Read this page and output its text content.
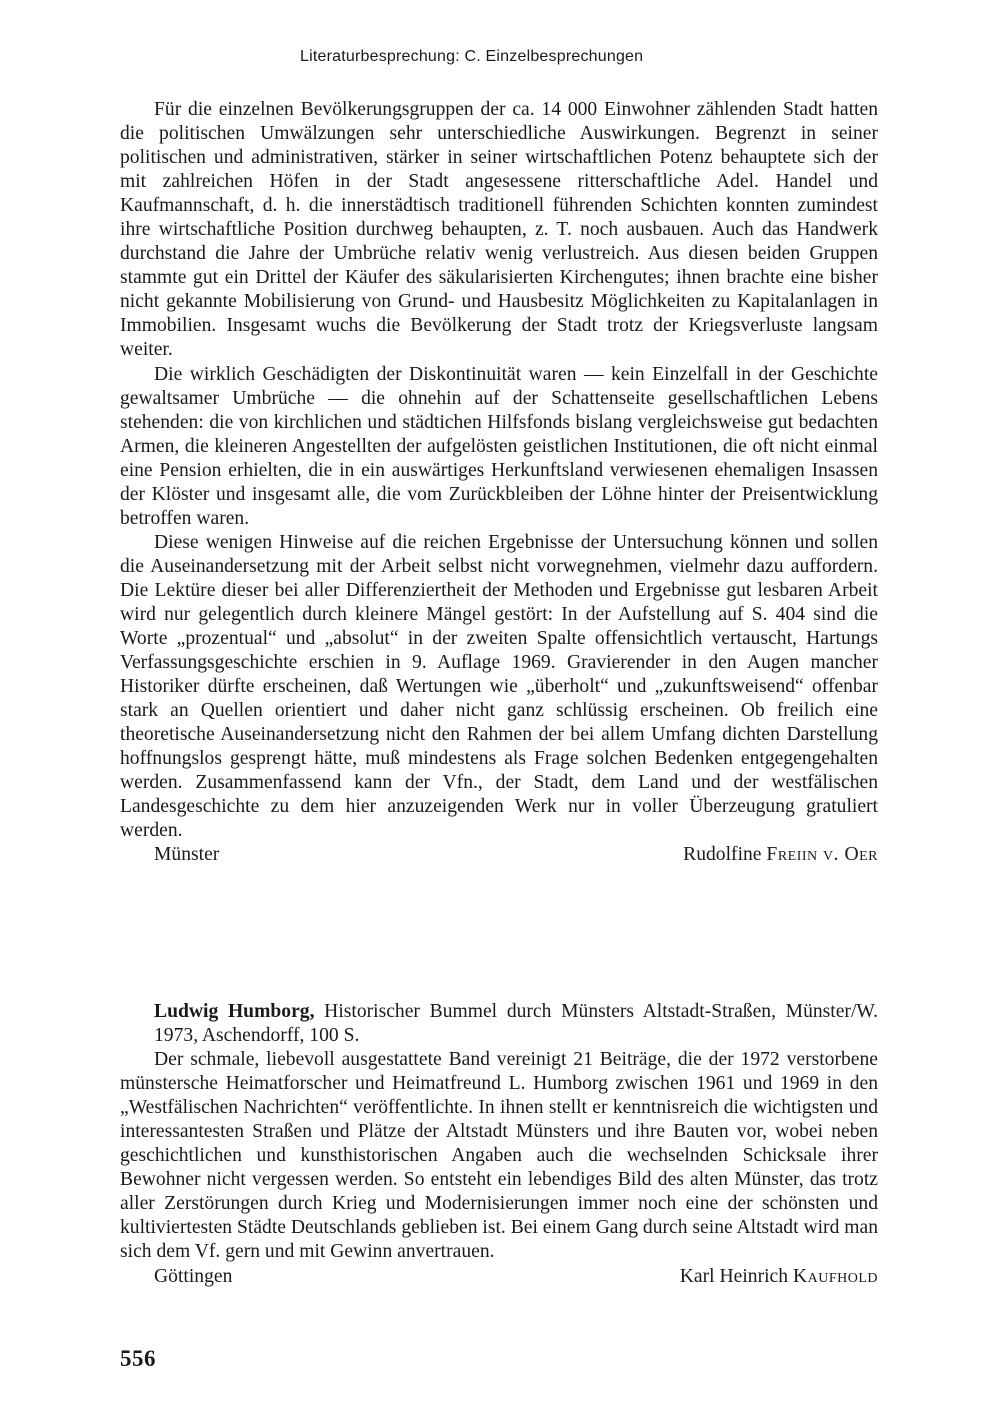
Literaturbesprechung: C. Einzelbesprechungen

Für die einzelnen Bevölkerungsgruppen der ca. 14 000 Einwohner zählenden Stadt hatten die politischen Umwälzungen sehr unterschiedliche Auswirkungen. Begrenzt in seiner politischen und administrativen, stärker in seiner wirtschaftlichen Potenz behauptete sich der mit zahlreichen Höfen in der Stadt angesessene ritterschaftliche Adel. Handel und Kaufmannschaft, d. h. die innerstädtisch traditionell führenden Schichten konnten zumindest ihre wirtschaftliche Position durchweg behaupten, z. T. noch ausbauen. Auch das Handwerk durchstand die Jahre der Umbrüche relativ wenig verlustreich. Aus diesen beiden Gruppen stammte gut ein Drittel der Käufer des säkularisierten Kirchengutes; ihnen brachte eine bisher nicht gekannte Mobilisierung von Grund- und Hausbesitz Möglichkeiten zu Kapitalanlagen in Immobilien. Insgesamt wuchs die Bevölkerung der Stadt trotz der Kriegsverluste langsam weiter.

Die wirklich Geschädigten der Diskontinuität waren — kein Einzelfall in der Geschichte gewaltsamer Umbrüche — die ohnehin auf der Schattenseite gesellschaftlichen Lebens stehenden: die von kirchlichen und städtichen Hilfsfonds bislang vergleichsweise gut bedachten Armen, die kleineren Angestellten der aufgelösten geistlichen Institutionen, die oft nicht einmal eine Pension erhielten, die in ein auswärtiges Herkunftsland verwiesenen ehemaligen Insassen der Klöster und insgesamt alle, die vom Zurückbleiben der Löhne hinter der Preisentwicklung betroffen waren.

Diese wenigen Hinweise auf die reichen Ergebnisse der Untersuchung können und sollen die Auseinandersetzung mit der Arbeit selbst nicht vorwegnehmen, vielmehr dazu auffordern. Die Lektüre dieser bei aller Differenziertheit der Methoden und Ergebnisse gut lesbaren Arbeit wird nur gelegentlich durch kleinere Mängel gestört: In der Aufstellung auf S. 404 sind die Worte „prozentual“ und „absolut“ in der zweiten Spalte offensichtlich vertauscht, Hartungs Verfassungsgeschichte erschien in 9. Auflage 1969. Gravierender in den Augen mancher Historiker dürfte erscheinen, daß Wertungen wie „überholt“ und „zukunftsweisend“ offenbar stark an Quellen orientiert und daher nicht ganz schlüssig erscheinen. Ob freilich eine theoretische Auseinandersetzung nicht den Rahmen der bei allem Umfang dichten Darstellung hoffnungslos gesprengt hätte, muß mindestens als Frage solchen Bedenken entgegengehalten werden. Zusammenfassend kann der Vfn., der Stadt, dem Land und der westfälischen Landesgeschichte zu dem hier anzuzeigenden Werk nur in voller Überzeugung gratuliert werden.

Münster	Rudolfine Freiin v. Oer

Ludwig Humborg, Historischer Bummel durch Münsters Altstadt-Straßen, Münster/W. 1973, Aschendorff, 100 S.

Der schmale, liebevoll ausgestattete Band vereinigt 21 Beiträge, die der 1972 verstorbene münstersche Heimatforscher und Heimatfreund L. Humborg zwischen 1961 und 1969 in den „Westfälischen Nachrichten“ veröffentlichte. In ihnen stellt er kenntnisreich die wichtigsten und interessantesten Straßen und Plätze der Altstadt Münsters und ihre Bauten vor, wobei neben geschichtlichen und kunsthistorischen Angaben auch die wechselnden Schicksale ihrer Bewohner nicht vergessen werden. So entsteht ein lebendiges Bild des alten Münster, das trotz aller Zerstörungen durch Krieg und Modernisierungen immer noch eine der schönsten und kultiviertesten Städte Deutschlands geblieben ist. Bei einem Gang durch seine Altstadt wird man sich dem Vf. gern und mit Gewinn anvertrauen.

Göttingen	Karl Heinrich Kaufhold
556
